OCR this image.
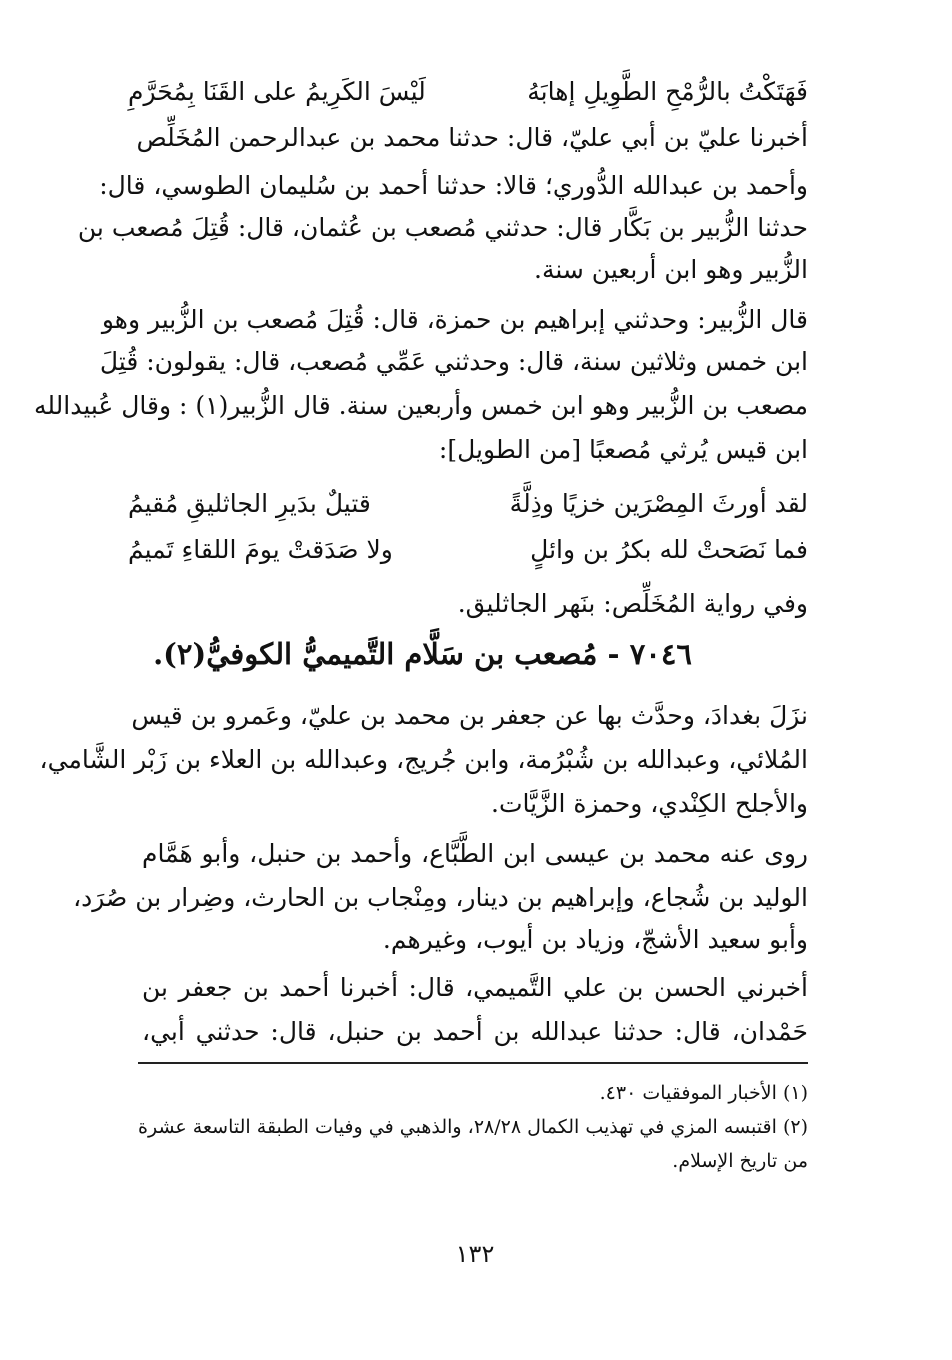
فَهَتَكْتُ بالرُّمْحِ الطَّوِيلِ إهابَهُ
لَيْسَ الكَرِيمُ على القَنَا بِمُحَرَّمِ
أخبرنا عليّ بن أبي عليّ، قال: حدثنا محمد بن عبدالرحمن المُخَلِّص
وأحمد بن عبدالله الدُّوري؛ قالا: حدثنا أحمد بن سُليمان الطوسي، قال:
حدثنا الزُّبير بن بَكَّار قال: حدثني مُصعب بن عُثمان، قال: قُتِلَ مُصعب بن
الزُّبير وهو ابن أربعين سنة.
قال الزُّبير: وحدثني إبراهيم بن حمزة، قال: قُتِلَ مُصعب بن الزُّبير وهو
ابن خمس وثلاثين سنة، قال: وحدثني عَمِّي مُصعب، قال: يقولون: قُتِلَ
مصعب بن الزُّبير وهو ابن خمس وأربعين سنة. قال الزُّبير(١) : وقال عُبيدالله
ابن قيس يُرثي مُصعبًا [من الطويل]:
لقد أورثَ المِصْرَين خزيًا وذِلَّةً
قتيلٌ بدَيرِ الجاثليقِ مُقيمُ
فما نَصَحتْ لله بكرُ بن وائلٍ
ولا صَدَقتْ يومَ اللقاءِ تَميمُ
وفي رواية المُخَلِّص: بنَهر الجاثليق.
٧٠٤٦ - مُصعب بن سَلَّام التَّميميُّ الكوفيُّ(٢).
نزَلَ بغدادَ، وحدَّث بها عن جعفر بن محمد بن عليّ، وعَمرو بن قيس
المُلائي، وعبدالله بن شُبْرُمة، وابن جُريج، وعبدالله بن العلاء بن زَبْر الشَّامي،
والأجلح الكِنْدي، وحمزة الزَّيَّات.
روى عنه محمد بن عيسى ابن الطَّبَّاع، وأحمد بن حنبل، وأبو هَمَّام
الوليد بن شُجاع، وإبراهيم بن دينار، ومِنْجاب بن الحارث، وضِرار بن صُرَد،
وأبو سعيد الأشجّ، وزياد بن أيوب، وغيرهم.
أخبرني الحسن بن علي التَّميمي، قال: أخبرنا أحمد بن جعفر بن
حَمْدان، قال: حدثنا عبدالله بن أحمد بن حنبل، قال: حدثني أبي،
(١) الأخبار الموفقيات ٤٣٠.
(٢) اقتبسه المزي في تهذيب الكمال ٢٨/٢٨، والذهبي في وفيات الطبقة التاسعة عشرة
من تاريخ الإسلام.
١٣٢
